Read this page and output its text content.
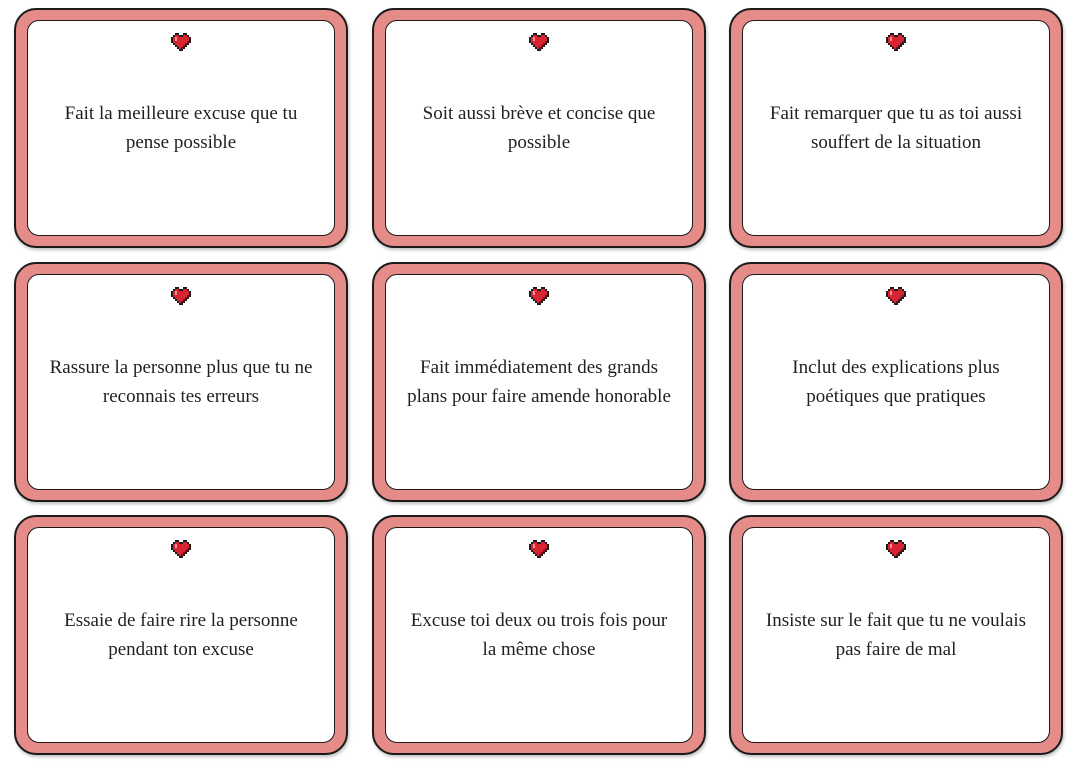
Fait la meilleure excuse que tu pense possible
Soit aussi brève et concise que possible
Fait remarquer que tu as toi aussi souffert de la situation
Rassure la personne plus que tu ne reconnais tes erreurs
Fait immédiatement des grands plans pour faire amende honorable
Inclut des explications plus poétiques que pratiques
Essaie de faire rire la personne pendant ton excuse
Excuse toi deux ou trois fois pour la même chose
Insiste sur le fait que tu ne voulais pas faire de mal
